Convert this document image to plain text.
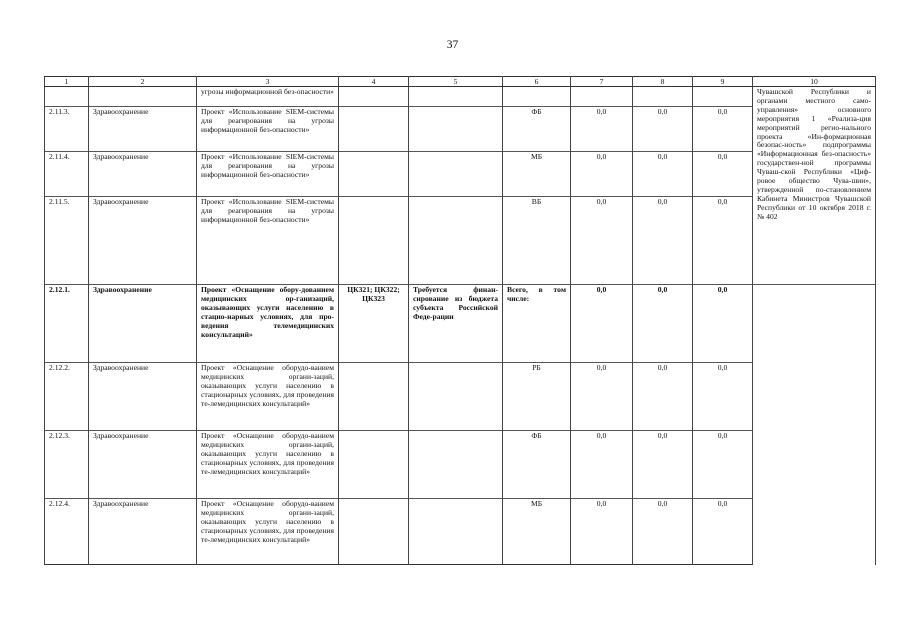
37
1	2	3	4	5	6	7	8	9	10
		угрозы информационной без-опасности»							Чувашской Республики и органами местного само-управления» основного мероприятия 1 «Реализа-ция мероприятий регио-нального проекта «Ин-формационная безопас-ность» подпрограммы «Информационная без-опасность» государствен-ной программы Чуваш-ской Республики «Циф-ровое общество Чува-шии», утвержденной по-становлением Кабинета Министров Чувашской Республики от 10 октября 2018 г. № 402
2.11.3.	Здравоохранение	Проект «Использование SIEM-системы для реагирования на угрозы информационной без-опасности»			ФБ	0,0	0,0	0,0	
2.11.4.	Здравоохранение	Проект «Использование SIEM-системы для реагирования на угрозы информационной без-опасности»			МБ	0,0	0,0	0,0	
2.11.5.	Здравоохранение	Проект «Использование SIEM-системы для реагирования на угрозы информационной без-опасности»			ВБ	0,0	0,0	0,0	
2.12.1.	Здравоохранение	Проект «Оснащение обору-дованием медицинских ор-ганизаций, оказывающих услуги населению в стацио-нарных условиях, для про-ведения телемедицинских консультаций»	ЦК321; ЦК322; ЦК323	Требуется финан-сирование из бюджета субъекта Российской Феде-рации	Всего, в том числе:	0,0	0,0	0,0	
2.12.2.	Здравоохранение	Проект «Оснащение оборудо-ванием медицинских органи-заций, оказывающих услуги населению в стационарных условиях, для проведения те-лемедицинских консультаций»			РБ	0,0	0,0	0,0	
2.12.3.	Здравоохранение	Проект «Оснащение оборудо-ванием медицинских органи-заций, оказывающих услуги населению в стационарных условиях, для проведения те-лемедицинских консультаций»			ФБ	0,0	0,0	0,0	
2.12.4.	Здравоохранение	Проект «Оснащение оборудо-ванием медицинских органи-заций, оказывающих услуги населению в стационарных условиях, для проведения те-лемедицинских консультаций»			МБ	0,0	0,0	0,0	
